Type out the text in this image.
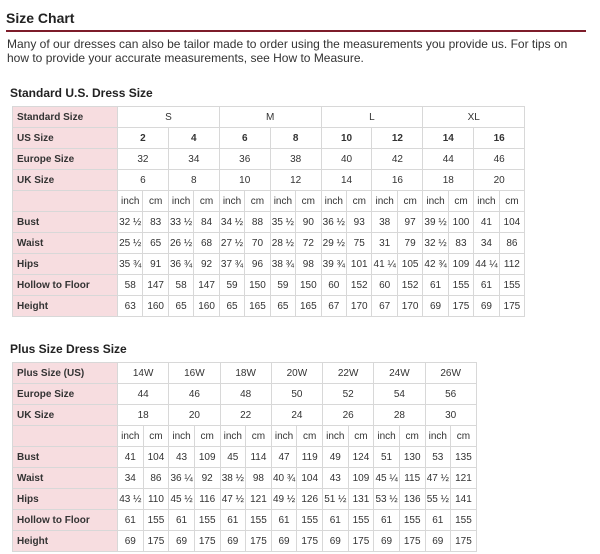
Size Chart
Many of our dresses can also be tailor made to order using the measurements you provide us. For tips on how to provide your accurate measurements, see How to Measure.
Standard U.S. Dress Size
Standard Size	S				M				L				XL			
US Size	2		4		6		8		10		12		14		16	
Europe Size	32		34		36		38		40		42		44		46	
UK Size	6		8		10		12		14		16		18		20	
	inch	cm	inch	cm	inch	cm	inch	cm	inch	cm	inch	cm	inch	cm	inch	cm
Bust	32 ½	83	33 ½	84	34 ½	88	35 ½	90	36 ½	93	38	97	39 ½	100	41	104
Waist	25 ½	65	26 ½	68	27 ½	70	28 ½	72	29 ½	75	31	79	32 ½	83	34	86
Hips	35 ¾	91	36 ¾	92	37 ¾	96	38 ¾	98	39 ¾	101	41 ¼	105	42 ¾	109	44 ¼	112
Hollow to Floor	58	147	58	147	59	150	59	150	60	152	60	152	61	155	61	155
Height	63	160	65	160	65	165	65	165	67	170	67	170	69	175	69	175
Plus Size Dress Size
Plus Size (US)	14W		16W		18W		20W		22W		24W		26W	
Europe Size	44		46		48		50		52		54		56	
UK Size	18		20		22		24		26		28		30	
	inch	cm	inch	cm	inch	cm	inch	cm	inch	cm	inch	cm	inch	cm
Bust	41	104	43	109	45	114	47	119	49	124	51	130	53	135
Waist	34	86	36 ¼	92	38 ½	98	40 ¾	104	43	109	45 ¼	115	47 ½	121
Hips	43 ½	110	45 ½	116	47 ½	121	49 ½	126	51 ½	131	53 ½	136	55 ½	141
Hollow to Floor	61	155	61	155	61	155	61	155	61	155	61	155	61	155
Height	69	175	69	175	69	175	69	175	69	175	69	175	69	175
